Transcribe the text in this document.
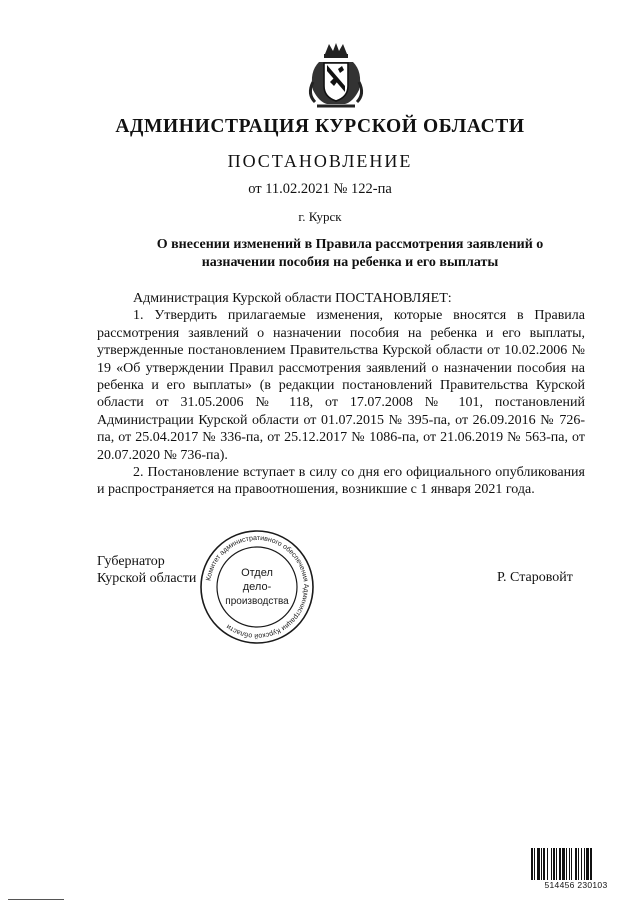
АДМИНИСТРАЦИЯ КУРСКОЙ ОБЛАСТИ
ПОСТАНОВЛЕНИЕ
от 11.02.2021 № 122-па
г. Курск
О внесении изменений в Правила рассмотрения заявлений о
назначении пособия на ребенка и его выплаты

Администрация Курской области ПОСТАНОВЛЯЕТ:

1. Утвердить прилагаемые изменения, которые вносятся в Правила рассмотрения заявлений о назначении пособия на ребенка и его выплаты, утвержденные постановлением Правительства Курской области от 10.02.2006 № 19 «Об утверждении Правил рассмотрения заявлений о назначении пособия на ребенка и его выплаты» (в редакции постановлений Правительства Курской области от 31.05.2006 № 118, от 17.07.2008 № 101, постановлений Администрации Курской области от 01.07.2015 № 395-па, от 26.09.2016 № 726-па, от 25.04.2017 № 336-па, от 25.12.2017 № 1086-па, от 21.06.2019 № 563-па, от 20.07.2020 № 736-па).

2. Постановление вступает в силу со дня его официального опубликования и распространяется на правоотношения, возникшие с 1 января 2021 года.

Губернатор
Курской области	Р. Старовойт
Комитет административного обеспечения Администрации Курской области
Отдел
дело-
производства
514456 230103
